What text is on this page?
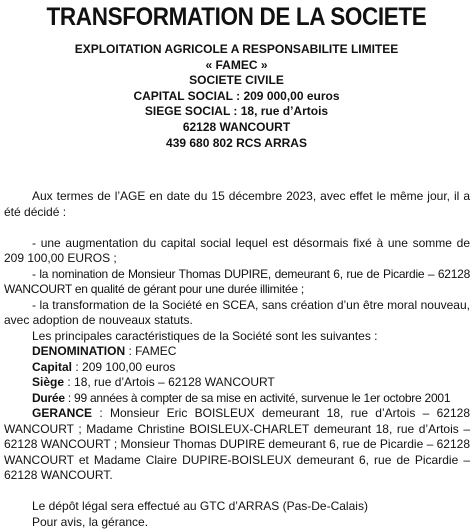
TRANSFORMATION DE LA SOCIETE
EXPLOITATION AGRICOLE A RESPONSABILITE LIMITEE
« FAMEC »
SOCIETE CIVILE
CAPITAL SOCIAL : 209 000,00 euros
SIEGE SOCIAL : 18, rue d’Artois
62128 WANCOURT
439 680 802 RCS ARRAS

Aux termes de l’AGE en date du 15 décembre 2023, avec effet le même jour, il a été décidé :

- une augmentation du capital social lequel est désormais fixé à une somme de 209 100,00 EUROS ;

- la nomination de Monsieur Thomas DUPIRE, demeurant 6, rue de Picardie – 62128 WANCOURT en qualité de gérant pour une durée illimitée ;

- la transformation de la Société en SCEA, sans création d’un être moral nouveau, avec adoption de nouveaux statuts.

Les principales caractéristiques de la Société sont les suivantes :

DENOMINATION : FAMEC

Capital : 209 100,00 euros

Siège : 18, rue d’Artois – 62128 WANCOURT

Durée : 99 années à compter de sa mise en activité, survenue le 1er octobre 2001

GERANCE : Monsieur Eric BOISLEUX demeurant 18, rue d’Artois – 62128 WANCOURT ; Madame Christine BOISLEUX-CHARLET demeurant 18, rue d’Artois – 62128 WANCOURT ; Monsieur Thomas DUPIRE demeurant 6, rue de Picardie – 62128 WANCOURT et Madame Claire DUPIRE-BOISLEUX demeurant 6, rue de Picardie – 62128 WANCOURT.

Le dépôt légal sera effectué au GTC d’ARRAS (Pas-De-Calais)

Pour avis, la gérance.
